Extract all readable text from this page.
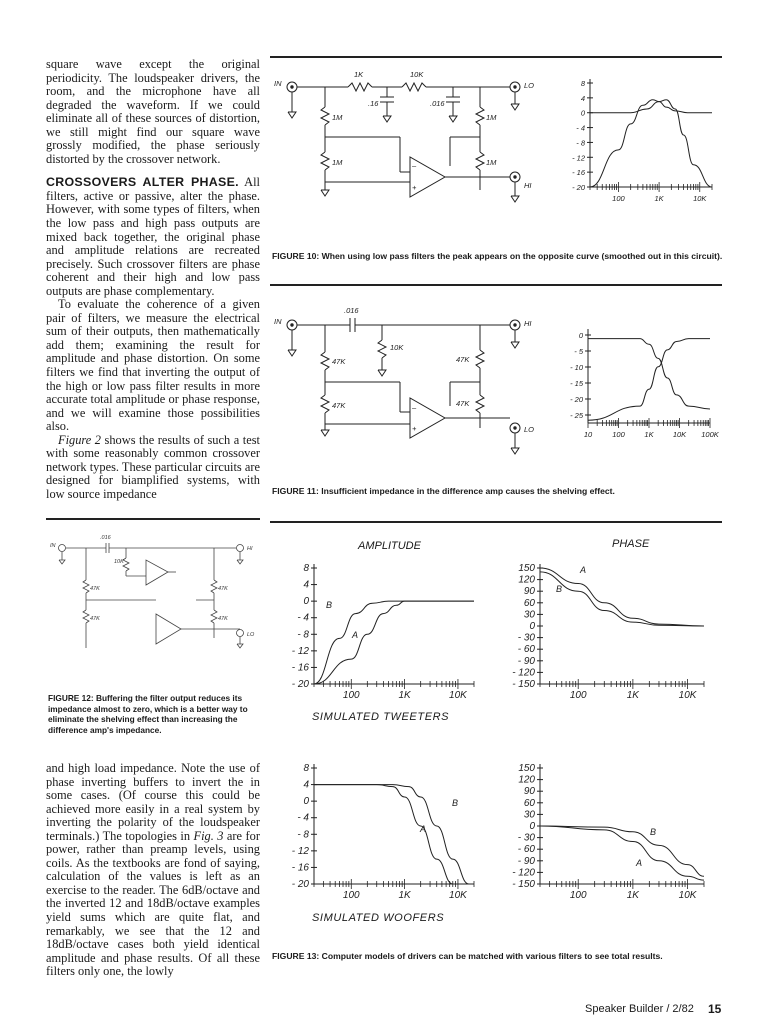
square wave except the original periodicity. The loudspeaker drivers, the room, and the microphone have all degraded the waveform. If we could eliminate all of these sources of distortion, we still might find our square wave grossly modified, the phase seriously distorted by the crossover network.

CROSSOVERS ALTER PHASE. All filters, active or passive, alter the phase. However, with some types of filters, when the low pass and high pass outputs are mixed back together, the original phase and amplitude relations are recreated precisely. Such crossover filters are phase coherent and their high and low pass outputs are phase complementary.

To evaluate the coherence of a given pair of filters, we measure the electrical sum of their outputs, then mathematically add them; examining the result for amplitude and phase distortion. On some filters we find that inverting the output of the high or low pass filter results in more accurate total amplitude or phase response, and we will examine those possibilities also.

Figure 2 shows the results of such a test with some reasonably common crossover network types. These particular circuits are designed for biamplified systems, with low source impedance

and high load impedance. Note the use of phase inverting buffers to invert the in some cases. (Of course this could be achieved more easily in a real system by inverting the polarity of the loudspeaker terminals.) The topologies in Fig. 3 are for power, rather than preamp levels, using coils. As the textbooks are fond of saying, calculation of the values is left as an exercise to the reader. The 6dB/octave and the inverted 12 and 18dB/octave examples yield sums which are quite flat, and remarkably, we see that the 12 and 18dB/octave cases both yield identical amplitude and phase results. Of all these filters only one, the lowly

IN	LO
HI
1K	10K
.16	.016
1M
1M
1M
1M
–
+
8
4
0
- 4
- 8
- 12
- 16
- 20
100	1K	10K
FIGURE 10: When using low pass filters the peak appears on the opposite curve (smoothed out in this circuit).
IN	HI
LO
.016
10K
47K
47K
47K
47K
–
+
0
- 5
- 10
- 15
- 20
- 25
10	100	1K	10K 100K
FIGURE 11: Insufficient impedance in the difference amp causes the shelving effect.
IN	HI
LO
.016
10K
47K
47K
47K
47K
FIGURE 12: Buffering the filter output reduces its impedance almost to zero, which is a better way to eliminate the shelving effect than increasing the difference amp's impedance.
AMPLITUDE	PHASE
8
4
0
- 4
- 8
- 12
- 16
- 20
100	1K	10K
A
B
150
120
90
60
30
0
- 30
- 60
- 90
- 120
- 150
100	1K	10K
A
B
SIMULATED TWEETERS
8
4
0
- 4
- 8
- 12
- 16
- 20
100	1K	10K
A
B
150
120
90
60
30
0
- 30
- 60
- 90
- 120
- 150
100	1K	10K
A
B
SIMULATED WOOFERS
FIGURE 13: Computer models of drivers can be matched with various filters to see total results.
Speaker Builder / 2/82 15
